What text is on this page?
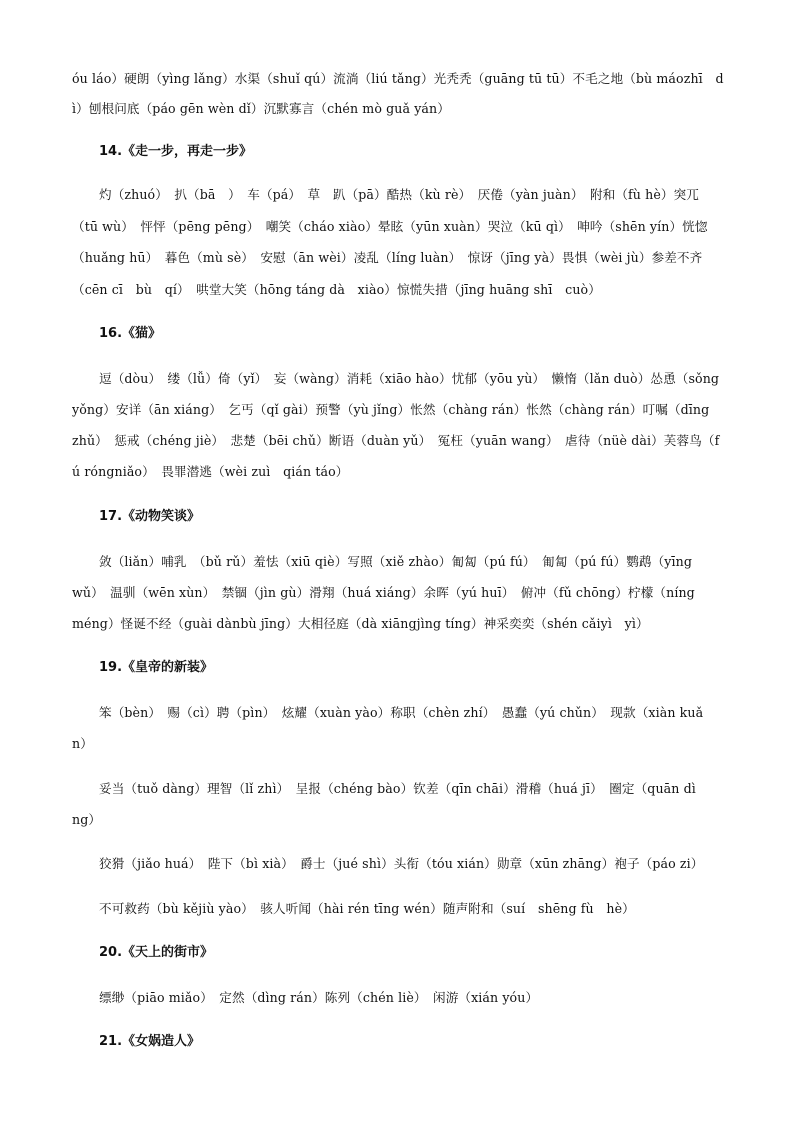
óu láo）硬朗（yìng lǎng）水渠（shuǐ qú）流淌（liú tǎng）光秃秃（guāng tū tū）不毛之地（bù máozhī　d
ì）刨根问底（páo gēn wèn dǐ）沉默寡言（chén mò guǎ yán）
14.《走一步，再走一步》
灼（zhuó）　扒（bā　）　车（pá）　草　趴（pā）酷热（kù rè）　厌倦（yàn juàn）　附和（fù hè）突兀
（tū wù）　怦怦（pēng pēng）　嘲笑（cháo xiào）晕眩（yūn xuàn）哭泣（kū qì）　呻吟（shēn yín）恍惚
（huǎng hū）　暮色（mù sè）　安慰（ān wèi）凌乱（líng luàn）　惊讶（jīng yà）畏惧（wèi jù）参差不齐
（cēn cī　bù　qí）　哄堂大笑（hōng táng dà　xiào）惊慌失措（jīng huāng shī　cuò）
16.《猫》
逗（dòu）　缕（lǚ）倚（yǐ）　妄（wàng）消耗（xiāo hào）忧郁（yōu yù）　懒惰（lǎn duò）怂恿（sǒng
yǒng）安详（ān xiáng）　乞丐（qǐ gài）预警（yù jǐng）怅然（chàng rán）怅然（chàng rán）叮嘱（dīng
zhǔ）　惩戒（chéng jiè）　悲楚（bēi chǔ）断语（duàn yǔ）　冤枉（yuān wang）　虐待（nüè dài）芙蓉鸟（f
ú róngniǎo）　畏罪潜逃（wèi zuì　qián táo）
17.《动物笑谈》
敛（liǎn）哺乳　（bǔ rǔ）羞怯（xiū qiè）写照（xiě zhào）匍匐（pú fú）　匍匐（pú fú）鹦鹉（yīng
wǔ）　温驯（wēn xùn）　禁锢（jìn gù）滑翔（huá xiáng）余晖（yú huī）　俯冲（fǔ chōng）柠檬（níng
méng）怪诞不经（guài dànbù jīng）大相径庭（dà xiāngjìng tíng）神采奕奕（shén cǎiyì　yì）
19.《皇帝的新装》
笨（bèn）　赐（cì）聘（pìn）　炫耀（xuàn yào）称职（chèn zhí）　愚蠢（yú chǔn）　现款（xiàn kuǎ
n）
妥当（tuǒ dàng）理智（lǐ zhì）　呈报（chéng bào）钦差（qīn chāi）滑稽（huá jī）　圈定（quān dì
ng）
狡猾（jiǎo huá）　陛下（bì xià）　爵士（jué shì）头衔（tóu xián）勋章（xūn zhāng）袍子（páo zi）
不可救药（bù kějiù yào）　骇人听闻（hài rén tīng wén）随声附和（suí　shēng fù　hè）
20.《天上的街市》
缥缈（piāo miǎo）　定然（dìng rán）陈列（chén liè）　闲游（xián yóu）
21.《女娲造人》
